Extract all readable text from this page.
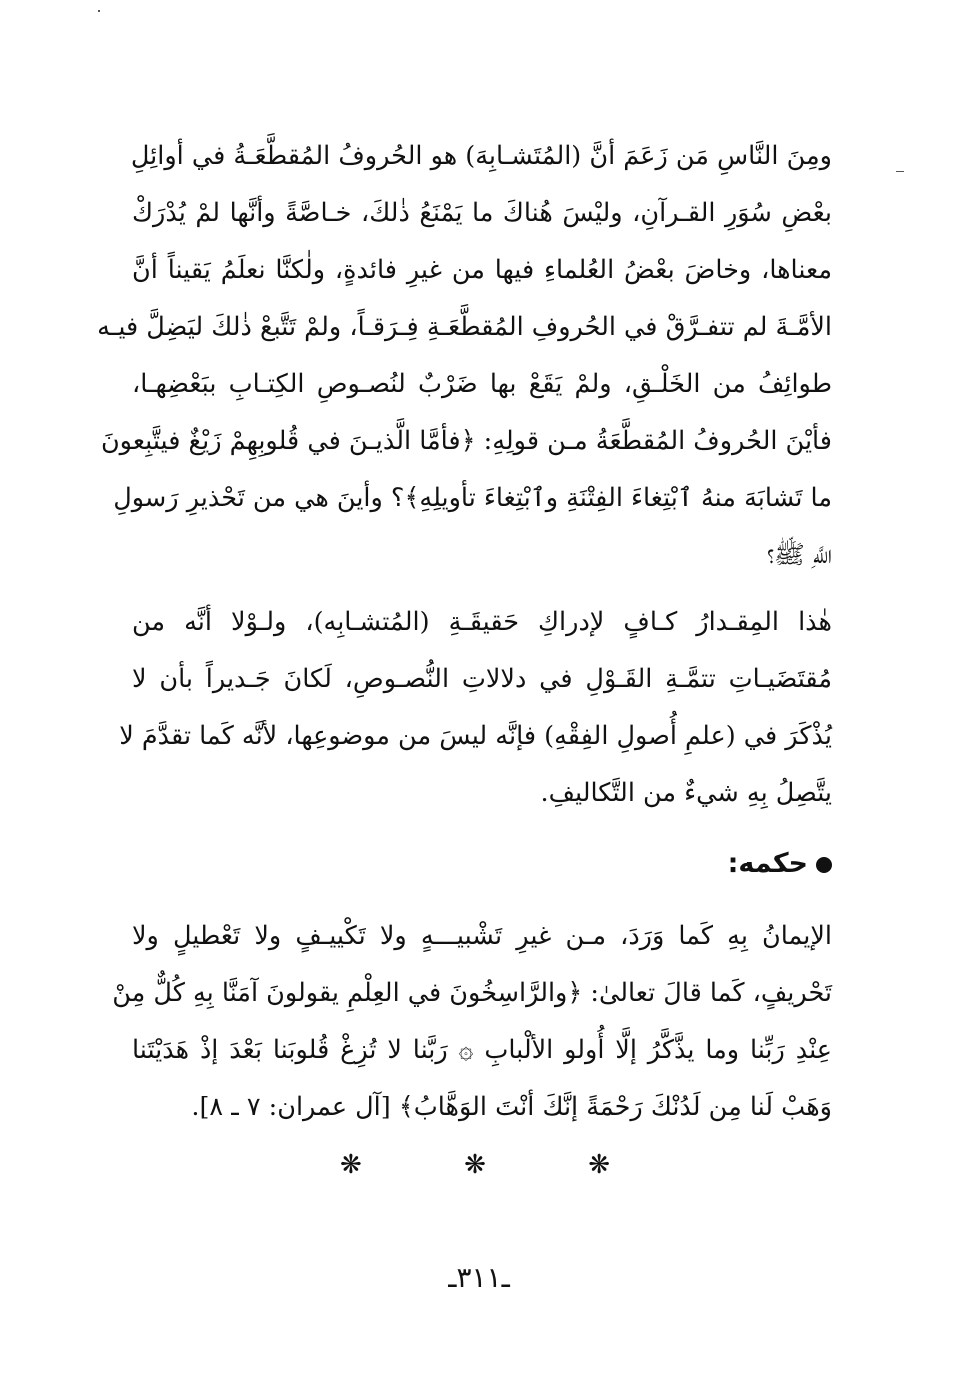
ومِنَ النَّاسِ مَن زَعَمَ أنَّ (المُتَشـابِهَ) هو الحُروفُ المُقطَّعَـةُ في أوائِلِ
بعْضِ سُوَرِ القـرآنِ، وليْسَ هُناكَ ما يَمْنَعُ ذٰلكَ، خـاصَّةً وأنَّها لمْ يُدْرَكْ
معناها، وخاضَ بعْضُ العُلماءِ فيها من غيرِ فائدةٍ، ولٰكنَّا نعلَمُ يَقيناً أنَّ
الأمَّـةَ لم تتفـرَّقْ في الحُروفِ المُقطَّعَـةِ فِـرَقـاً، ولمْ تَتَّبعْ ذٰلكَ ليَضِلَّ فيـه
طوائِفُ من الخَلْـقِ، ولمْ يَقَعْ بها ضَرْبٌ لنُصـوصِ الكِتـابِ ببَعْضِهـا،
فأيْنَ الحُروفُ المُقطَّعَةُ مـن قولِهِ: ﴿فأمَّا الَّذيـنَ في قُلوبِهِمْ زَيْغٌ فيتَّبِعونَ
ما تَشابَهَ منهُ ٱبْتِغاءَ الفِتْنَةِ وٱبْتِغاءَ تأويلِهِ﴾؟ وأينَ هي من تَحْذيرِ رَسولِ
اللَّهِ ﷺ؟
هٰذا المِقـدارُ كـافٍ لإدراكِ حَقيقَـةِ (المُتشـابِه)، ولـوْلا أنَّه من
مُقتَضَيـاتِ تتمَّـةِ القَـوْلِ في دلالاتِ النُّصـوصِ، لَكانَ جَـديراً بأن لا
يُذْكَرَ في (علمِ أُصولِ الفِقْهِ) فإنَّه ليسَ من موضوعِها، لأنَّه كَما تقدَّمَ لا
يتَّصِلُ بِهِ شيءٌ من التَّكاليفِ.
حكمه:
الإيمانُ بِهِ كَما وَرَدَ، مـن غيرِ تَشْبيـــهٍ ولا تَكْييـفٍ ولا تَعْطيلٍ ولا
تَحْريفٍ، كَما قالَ تعالىٰ: ﴿والرَّاسِخُونَ في العِلْمِ يقولونَ آمَنَّا بِهِ كُلٌّ مِنْ
عِنْدِ رَبِّنا وما يذَّكَّرُ إلَّا أُولو الألْبابِ ۞ رَبَّنا لا تُزِغْ قُلوبَنا بَعْدَ إذْ هَدَيْتَنا
وَهَبْ لَنا مِن لَدُنْكَ رَحْمَةً إنَّكَ أنْتَ الوَهَّابُ﴾ [آل عمران: ٧ ـ ٨].
❋	❋	❋
ـ٣١١ـ
